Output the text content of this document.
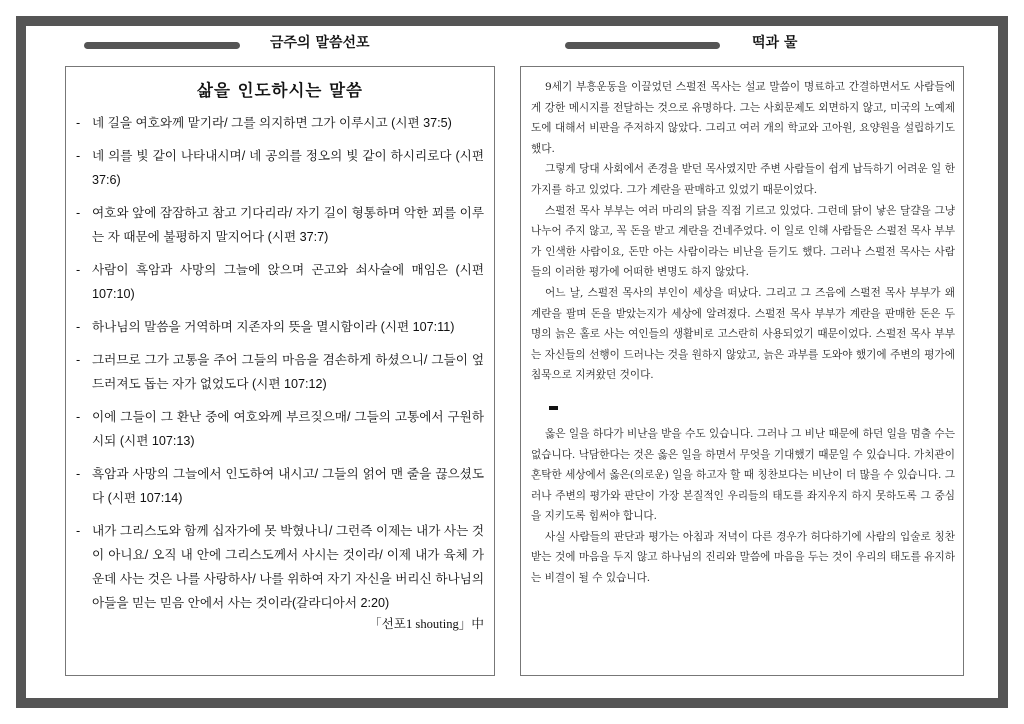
금주의 말씀선포	떡과 물
삶을 인도하시는 말씀
- 네 길을 여호와께 맡기라/ 그를 의지하면 그가 이루시고 (시편 37:5)
- 네 의를 빛 같이 나타내시며/ 네 공의를 정오의 빛 같이 하시리로다 (시편 37:6)
- 여호와 앞에 잠잠하고 참고 기다리라/ 자기 길이 형통하며 악한 꾀를 이루는 자 때문에 불평하지 말지어다 (시편 37:7)
- 사람이 흑암과 사망의 그늘에 앉으며 곤고와 쇠사슬에 매임은 (시편 107:10)
- 하나님의 말씀을 거역하며 지존자의 뜻을 멸시함이라 (시편 107:11)
- 그러므로 그가 고통을 주어 그들의 마음을 겸손하게 하셨으니/ 그들이 엎드러져도 돕는 자가 없었도다 (시편 107:12)
- 이에 그들이 그 환난 중에 여호와께 부르짖으매/ 그들의 고통에서 구원하시되 (시편 107:13)
- 흑암과 사망의 그늘에서 인도하여 내시고/ 그들의 얽어 맨 줄을 끊으셨도다 (시편 107:14)
- 내가 그리스도와 함께 십자가에 못 박혔나니/ 그런즉 이제는 내가 사는 것이 아니요/ 오직 내 안에 그리스도께서 사시는 것이라/ 이제 내가 육체 가운데 사는 것은 나를 사랑하사/ 나를 위하여 자기 자신을 버리신 하나님의 아들을 믿는 믿음 안에서 사는 것이라(갈라디아서 2:20)
「선포1 shouting」中

9세기 부흥운동을 이끌었던 스펄전 목사는 설교 말씀이 명료하고 간결하면서도 사람들에게 강한 메시지를 전달하는 것으로 유명하다. 그는 사회문제도 외면하지 않고, 미국의 노예제도에 대해서 비판을 주저하지 않았다. 그리고 여러 개의 학교와 고아원, 요양원을 설립하기도 했다.

그렇게 당대 사회에서 존경을 받던 목사였지만 주변 사람들이 쉽게 납득하기 어려운 일 한 가지를 하고 있었다. 그가 계란을 판매하고 있었기 때문이었다.

스펄전 목사 부부는 여러 마리의 닭을 직접 기르고 있었다. 그런데 닭이 낳은 달걀을 그냥 나누어 주지 않고, 꼭 돈을 받고 계란을 건네주었다. 이 일로 인해 사람들은 스펄전 목사 부부가 인색한 사람이요, 돈만 아는 사람이라는 비난을 듣기도 했다. 그러나 스펄전 목사는 사람들의 이러한 평가에 어떠한 변명도 하지 않았다.

어느 날, 스펄전 목사의 부인이 세상을 떠났다. 그리고 그 즈음에 스펄전 목사 부부가 왜 계란을 팔며 돈을 받았는지가 세상에 알려졌다. 스펄전 목사 부부가 계란을 판매한 돈은 두 명의 늙은 홀로 사는 여인들의 생활비로 고스란히 사용되었기 때문이었다. 스펄전 목사 부부는 자신들의 선행이 드러나는 것을 원하지 않았고, 늙은 과부를 도와야 했기에 주변의 평가에 침묵으로 지켜왔던 것이다.

옳은 일을 하다가 비난을 받을 수도 있습니다. 그러나 그 비난 때문에 하던 일을 멈출 수는 없습니다. 낙담한다는 것은 옳은 일을 하면서 무엇을 기대했기 때문일 수 있습니다. 가치관이 혼탁한 세상에서 옳은(의로운) 일을 하고자 할 때 칭찬보다는 비난이 더 많을 수 있습니다. 그러나 주변의 평가와 판단이 가장 본질적인 우리들의 태도를 좌지우지 하지 못하도록 그 중심을 지키도록 힘써야 합니다.

사실 사람들의 판단과 평가는 아침과 저녁이 다른 경우가 허다하기에 사람의 입술로 칭찬받는 것에 마음을 두지 않고 하나님의 진리와 말씀에 마음을 두는 것이 우리의 태도를 유지하는 비결이 될 수 있습니다.
